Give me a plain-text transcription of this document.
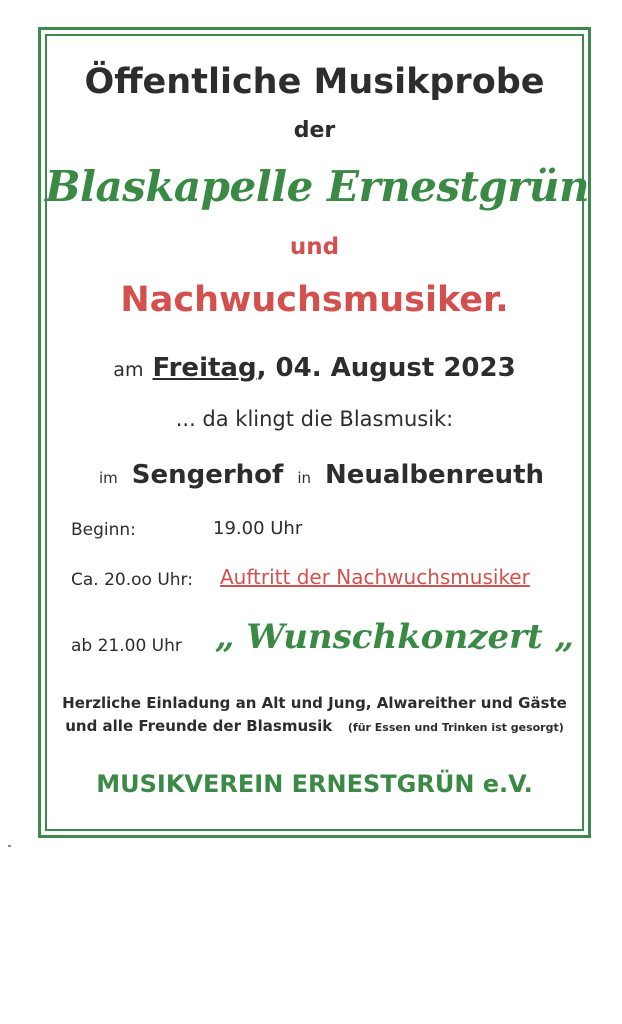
Öffentliche Musikprobe
der
Blaskapelle Ernestgrün
und
Nachwuchsmusiker.
am Freitag, 04. August 2023
... da klingt die Blasmusik:
im Sengerhof in Neualbenreuth
Beginn:	19.00 Uhr
Ca. 20.oo Uhr: Auftritt der Nachwuchsmusiker
ab 21.00 Uhr „ Wunschkonzert „
Herzliche Einladung an Alt und Jung, Alwareither und Gäste
und alle Freunde der Blasmusik (für Essen und Trinken ist gesorgt)
MUSIKVEREIN ERNESTGRÜN e.V.
